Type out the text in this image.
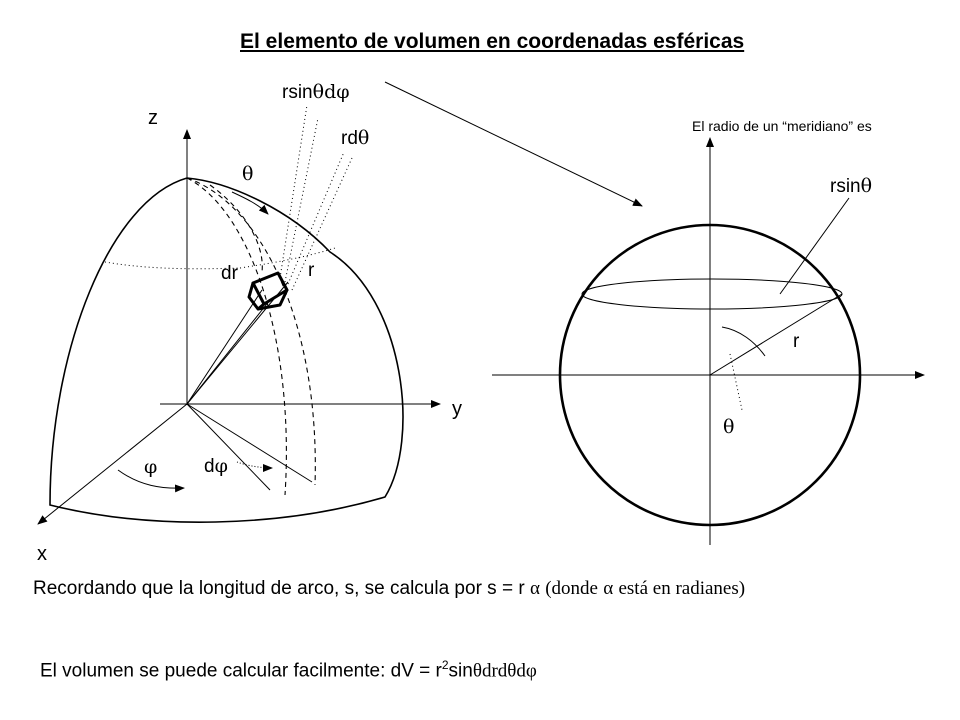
El elemento de volumen en coordenadas esféricas
z
y
x
rsinθdφ
rdθ
θ
dr	r
φ dφ
El radio de un “meridiano” es
rsinθ
r
θ
Recordando que la longitud de arco, s, se calcula por s = r α (donde α está en radianes)
El volumen se puede calcular facilmente: dV = $r^2\sin\theta drd\theta d\varphi$
